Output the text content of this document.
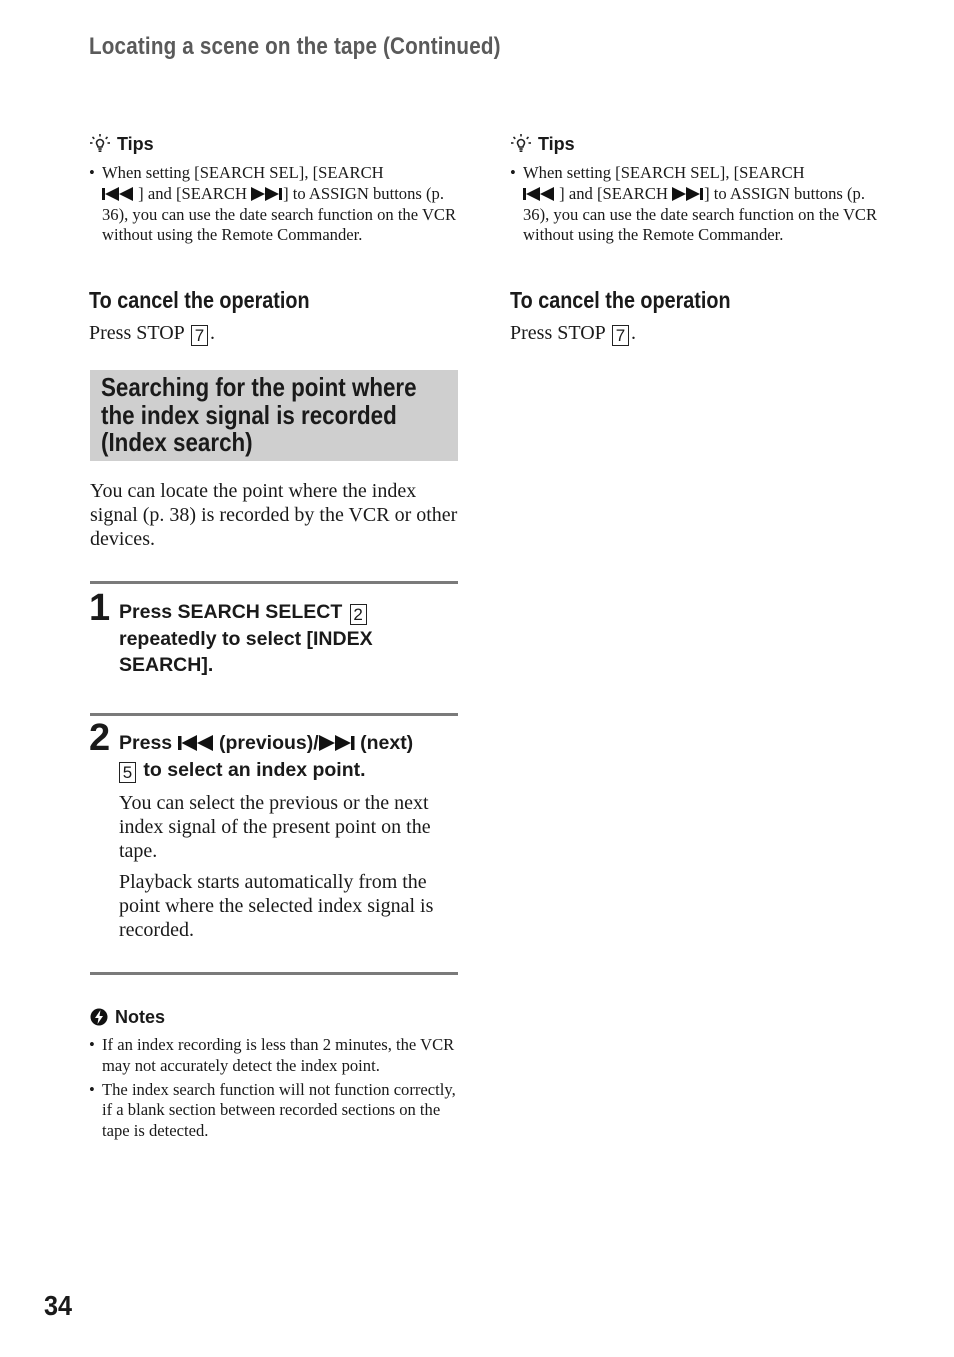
Locating a scene on the tape (Continued)
Tips
• When setting [SEARCH SEL], [SEARCH
] and [SEARCH ] to ASSIGN buttons (p. 36), you can use the date search function on the VCR without using the Remote Commander.
To cancel the operation
Press STOP 7 .
Searching for the point where the index signal is recorded (Index search)
You can locate the point where the index signal (p. 38) is recorded by the VCR or other devices.
1 Press SEARCH SELECT 2
repeatedly to select [INDEX SEARCH].
2 Press (previous)/ (next)
5 to select an index point.

You can select the previous or the next index signal of the present point on the tape.

Playback starts automatically from the point where the selected index signal is recorded.

Notes
• If an index recording is less than 2 minutes, the VCR may not accurately detect the index point.
• The index search function will not function correctly, if a blank section between recorded sections on the tape is detected.
Tips
• When setting [SEARCH SEL], [SEARCH
] and [SEARCH ] to ASSIGN buttons (p. 36), you can use the date search function on the VCR without using the Remote Commander.
To cancel the operation
Press STOP 7 .
34
